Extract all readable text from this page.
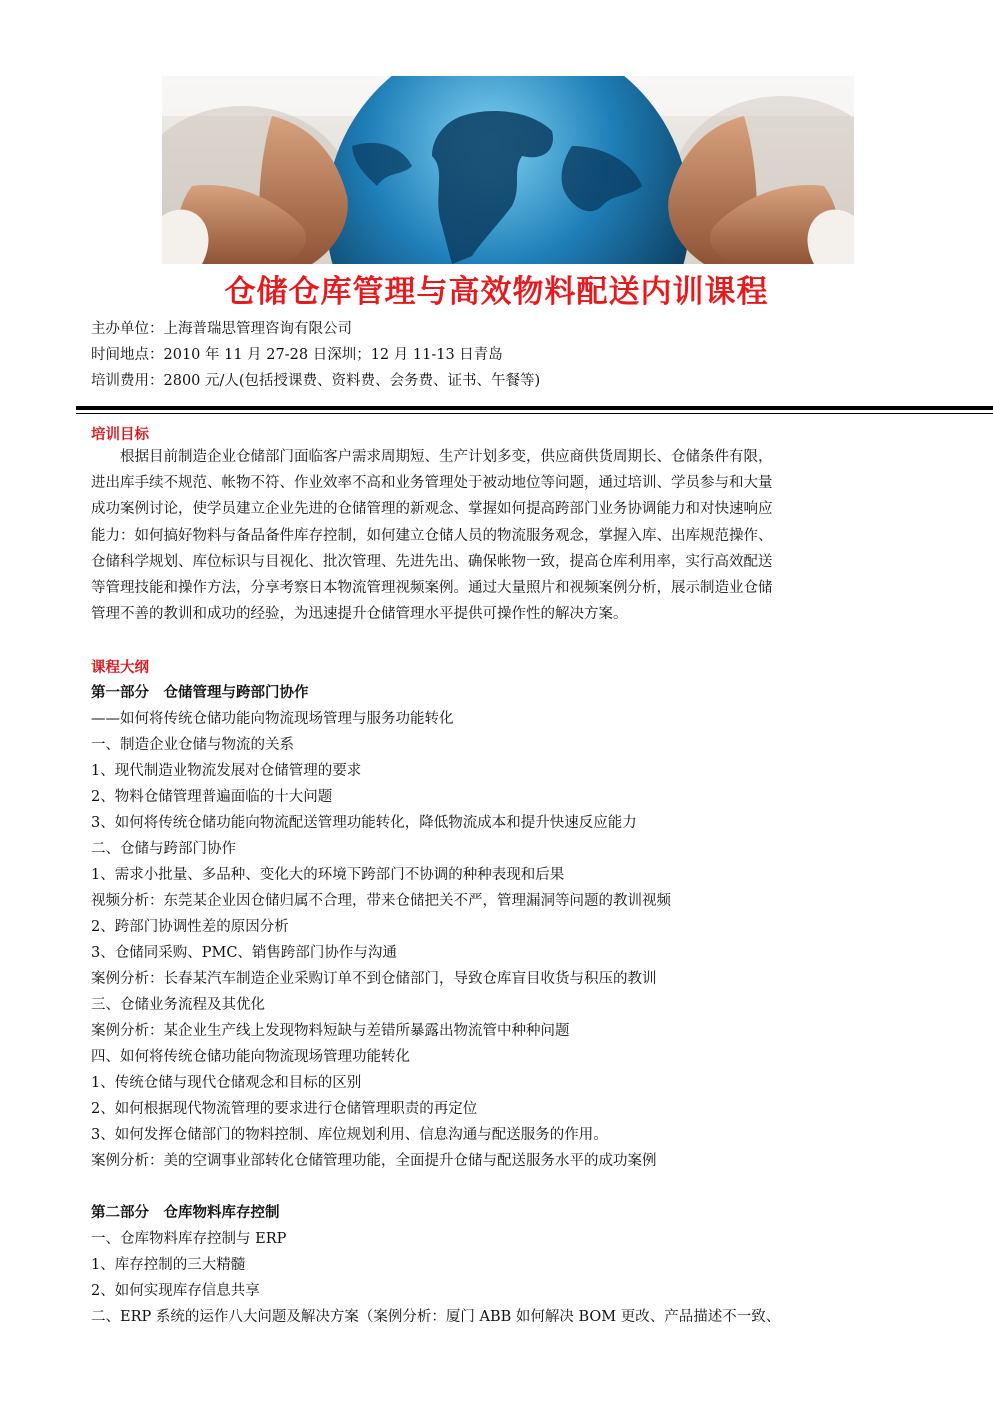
仓储仓库管理与高效物料配送内训课程
主办单位：上海普瑞思管理咨询有限公司
时间地点：2010 年 11 月 27-28 日深圳；12 月 11-13 日青岛
培训费用：2800 元/人(包括授课费、资料费、会务费、证书、午餐等)
培训目标
　　根据目前制造企业仓储部门面临客户需求周期短、生产计划多变，供应商供货周期长、仓储条件有限，
进出库手续不规范、帐物不符、作业效率不高和业务管理处于被动地位等问题，通过培训、学员参与和大量
成功案例讨论，使学员建立企业先进的仓储管理的新观念、掌握如何提高跨部门业务协调能力和对快速响应
能力：如何搞好物料与备品备件库存控制，如何建立仓储人员的物流服务观念，掌握入库、出库规范操作、
仓储科学规划、库位标识与目视化、批次管理、先进先出、确保帐物一致，提高仓库利用率，实行高效配送
等管理技能和操作方法，分享考察日本物流管理视频案例。通过大量照片和视频案例分析，展示制造业仓储
管理不善的教训和成功的经验，为迅速提升仓储管理水平提供可操作性的解决方案。
课程大纲
第一部分　仓储管理与跨部门协作
——如何将传统仓储功能向物流现场管理与服务功能转化
一、制造企业仓储与物流的关系
1、现代制造业物流发展对仓储管理的要求
2、物料仓储管理普遍面临的十大问题
3、如何将传统仓储功能向物流配送管理功能转化，降低物流成本和提升快速反应能力
二、仓储与跨部门协作
1、需求小批量、多品种、变化大的环境下跨部门不协调的种种表现和后果
视频分析：东莞某企业因仓储归属不合理，带来仓储把关不严，管理漏洞等问题的教训视频
2、跨部门协调性差的原因分析
3、仓储同采购、PMC、销售跨部门协作与沟通
案例分析：长春某汽车制造企业采购订单不到仓储部门，导致仓库盲目收货与积压的教训
三、仓储业务流程及其优化
案例分析：某企业生产线上发现物料短缺与差错所暴露出物流管中种种问题
四、如何将传统仓储功能向物流现场管理功能转化
1、传统仓储与现代仓储观念和目标的区别
2、如何根据现代物流管理的要求进行仓储管理职责的再定位
3、如何发挥仓储部门的物料控制、库位规划利用、信息沟通与配送服务的作用。
案例分析：美的空调事业部转化仓储管理功能，全面提升仓储与配送服务水平的成功案例
第二部分　仓库物料库存控制
一、仓库物料库存控制与 ERP
1、库存控制的三大精髓
2、如何实现库存信息共享
二、ERP 系统的运作八大问题及解决方案（案例分析：厦门 ABB 如何解决 BOM 更改、产品描述不一致、
